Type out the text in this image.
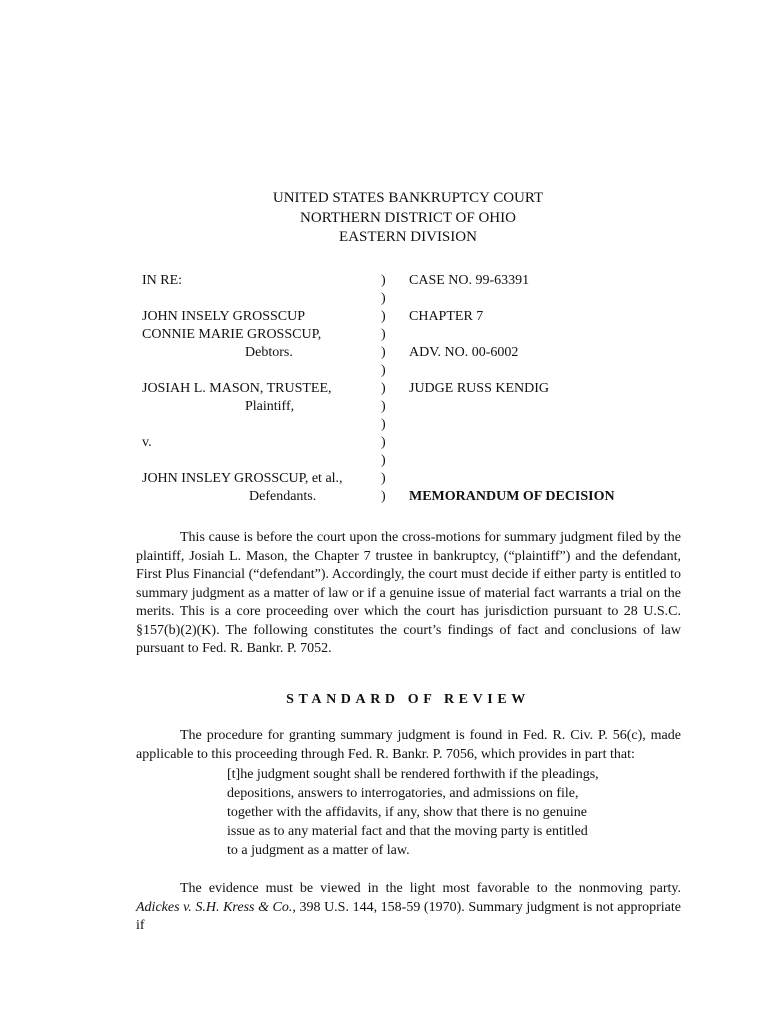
UNITED STATES BANKRUPTCY COURT
NORTHERN DISTRICT OF OHIO
EASTERN DIVISION
IN RE:	) CASE NO. 99-63391
)
JOHN INSELY GROSSCUP	) CHAPTER 7
CONNIE MARIE GROSSCUP,	)
Debtors.	) ADV. NO. 00-6002
)
JOSIAH L. MASON, TRUSTEE,	) JUDGE RUSS KENDIG
Plaintiff,	)
)
v.	)
)
JOHN INSLEY GROSSCUP, et al.,	)
Defendants.	) MEMORANDUM OF DECISION

This cause is before the court upon the cross-motions for summary judgment filed by the plaintiff, Josiah L. Mason, the Chapter 7 trustee in bankruptcy, (“plaintiff”) and the defendant, First Plus Financial (“defendant”). Accordingly, the court must decide if either party is entitled to summary judgment as a matter of law or if a genuine issue of material fact warrants a trial on the merits. This is a core proceeding over which the court has jurisdiction pursuant to 28 U.S.C. §157(b)(2)(K). The following constitutes the court’s findings of fact and conclusions of law pursuant to Fed. R. Bankr. P. 7052.

STANDARD OF REVIEW

The procedure for granting summary judgment is found in Fed. R. Civ. P. 56(c), made applicable to this proceeding through Fed. R. Bankr. P. 7056, which provides in part that:

[t]he judgment sought shall be rendered forthwith if the pleadings,
depositions, answers to interrogatories, and admissions on file,
together with the affidavits, if any, show that there is no genuine
issue as to any material fact and that the moving party is entitled
to a judgment as a matter of law.

The evidence must be viewed in the light most favorable to the nonmoving party. Adickes v. S.H. Kress & Co., 398 U.S. 144, 158-59 (1970). Summary judgment is not appropriate if
